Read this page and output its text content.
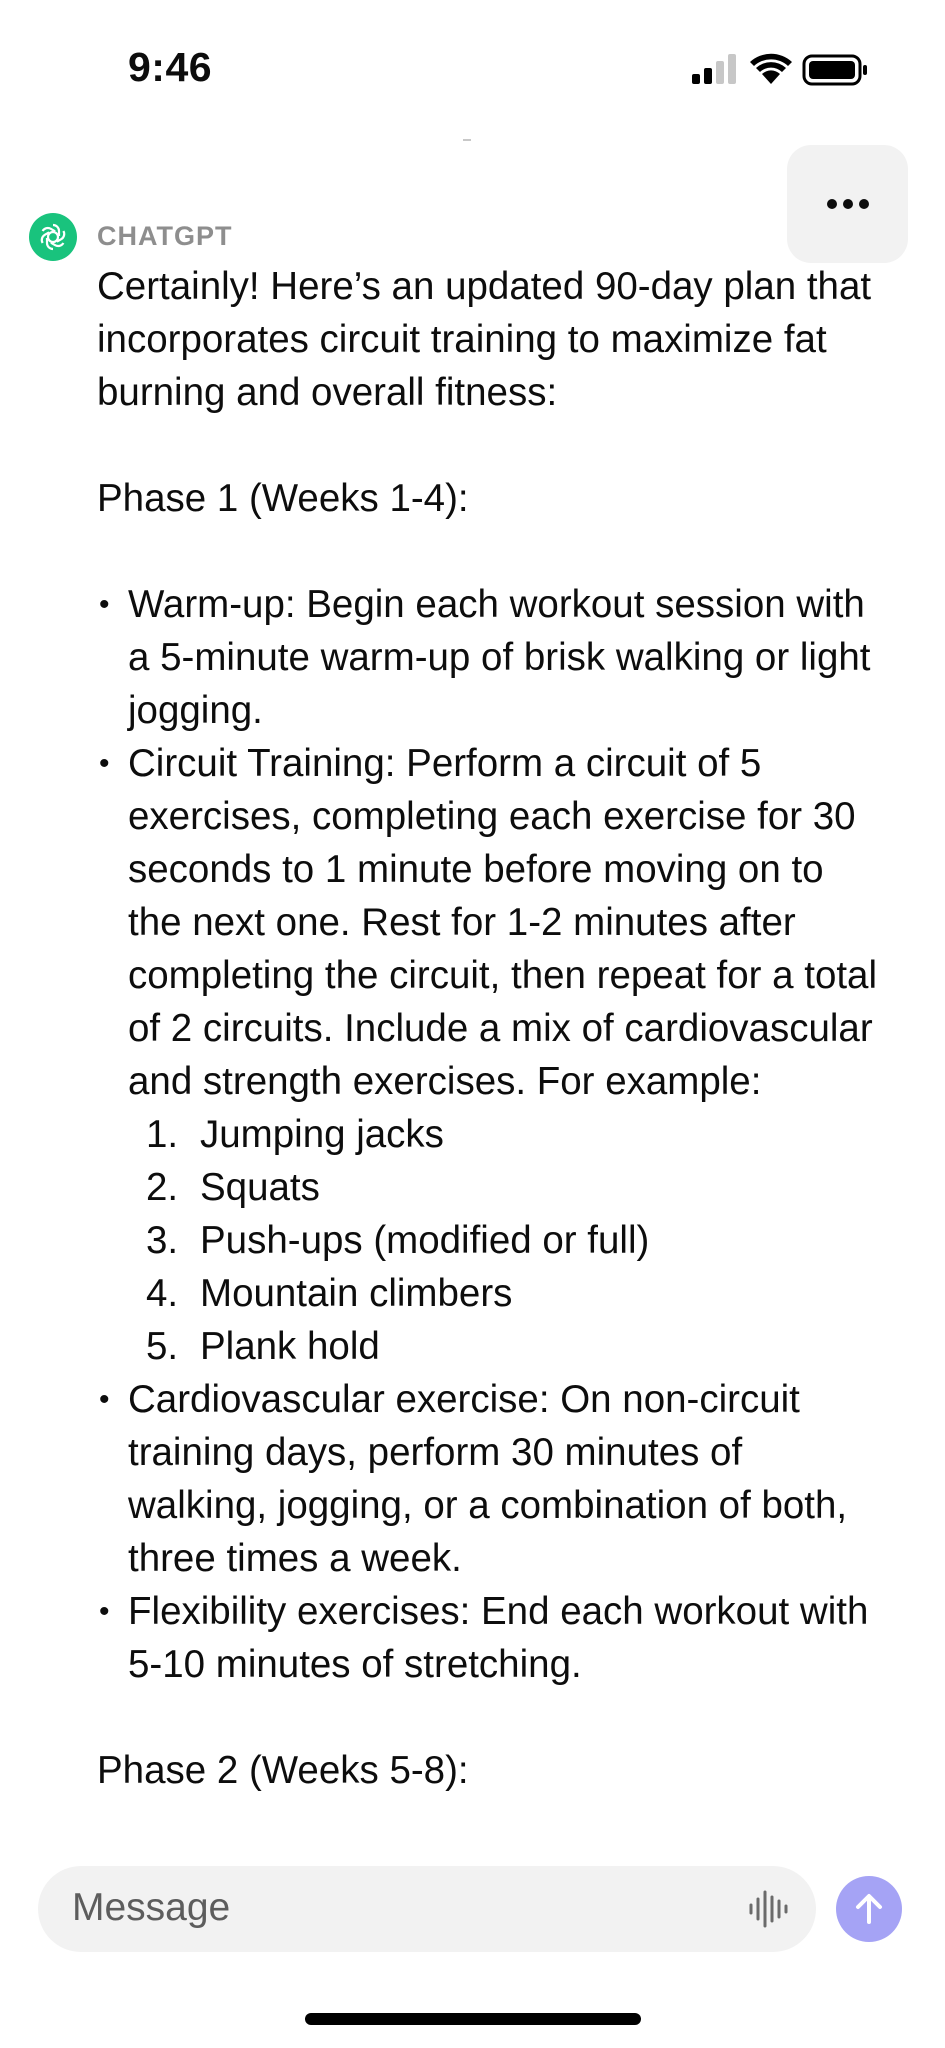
9:46
CHATGPT

Certainly! Here’s an updated 90-day plan that incorporates circuit training to maximize fat burning and overall fitness:

Phase 1 (Weeks 1-4):

• Warm-up: Begin each workout session with a 5-minute warm-up of brisk walking or light jogging.
• Circuit Training: Perform a circuit of 5 exercises, completing each exercise for 30 seconds to 1 minute before moving on to the next one. Rest for 1-2 minutes after completing the circuit, then repeat for a total of 2 circuits. Include a mix of cardiovascular and strength exercises. For example:
1. Jumping jacks
2. Squats
3. Push-ups (modified or full)
4. Mountain climbers
5. Plank hold
• Cardiovascular exercise: On non-circuit training days, perform 30 minutes of walking, jogging, or a combination of both, three times a week.
• Flexibility exercises: End each workout with 5-10 minutes of stretching.

Phase 2 (Weeks 5-8):

Message
